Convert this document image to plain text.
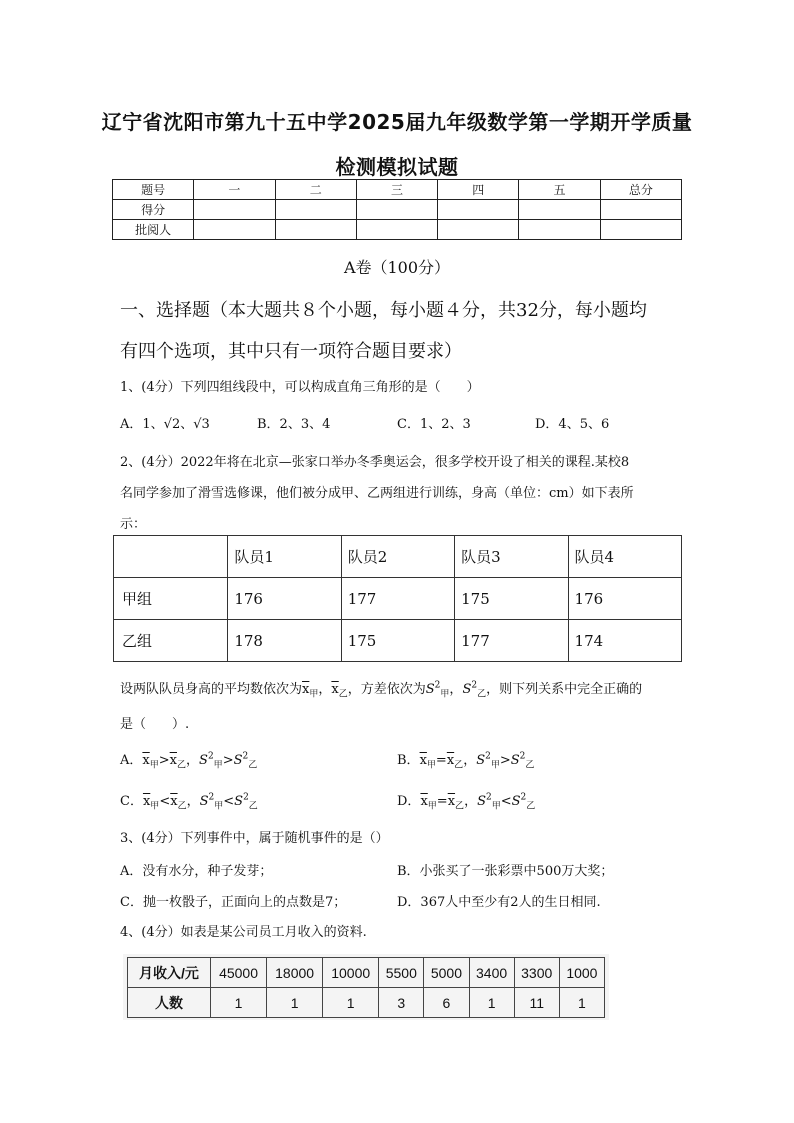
辽宁省沈阳市第九十五中学2025届九年级数学第一学期开学质量
检测模拟试题
题号	一	二	三	四	五	总分
得分						
批阅人						
A卷（100分）
一、选择题（本大题共８个小题，每小题４分，共32分，每小题均
有四个选项，其中只有一项符合题目要求）
1、(4分）下列四组线段中，可以构成直角三角形的是（　　）
A．1、√2、√3	B．2、3、4	C．1、2、3	D．4、5、6
2、(4分）2022年将在北京—张家口举办冬季奥运会，很多学校开设了相关的课程.某校8
名同学参加了滑雪选修课，他们被分成甲、乙两组进行训练，身高（单位：cm）如下表所
示：
	队员1	队员2	队员3	队员4
甲组	176	177	175	176
乙组	178	175	177	174
设两队队员身高的平均数依次为$\overline{x}_甲$，$\overline{x}_乙$，方差依次为$S^2_甲$，$S^2_乙$，则下列关系中完全正确的
是（　　）.
A．$\overline{x}_甲>\overline{x}_乙$，$S^2_甲>S^2_乙$	B．$\overline{x}_甲=\overline{x}_乙$，$S^2_甲>S^2_乙$
C．$\overline{x}_甲<\overline{x}_乙$，$S^2_甲<S^2_乙$	D．$\overline{x}_甲=\overline{x}_乙$，$S^2_甲<S^2_乙$
3、(4分）下列事件中，属于随机事件的是（）
A．没有水分，种子发芽；	B．小张买了一张彩票中500万大奖；
C．抛一枚骰子，正面向上的点数是7；	D．367人中至少有2人的生日相同.
4、(4分）如表是某公司员工月收入的资料.
月收入/元	45000	18000	10000	5500	5000	3400	3300	1000
人数	1	1	1	3	6	1	11	1
